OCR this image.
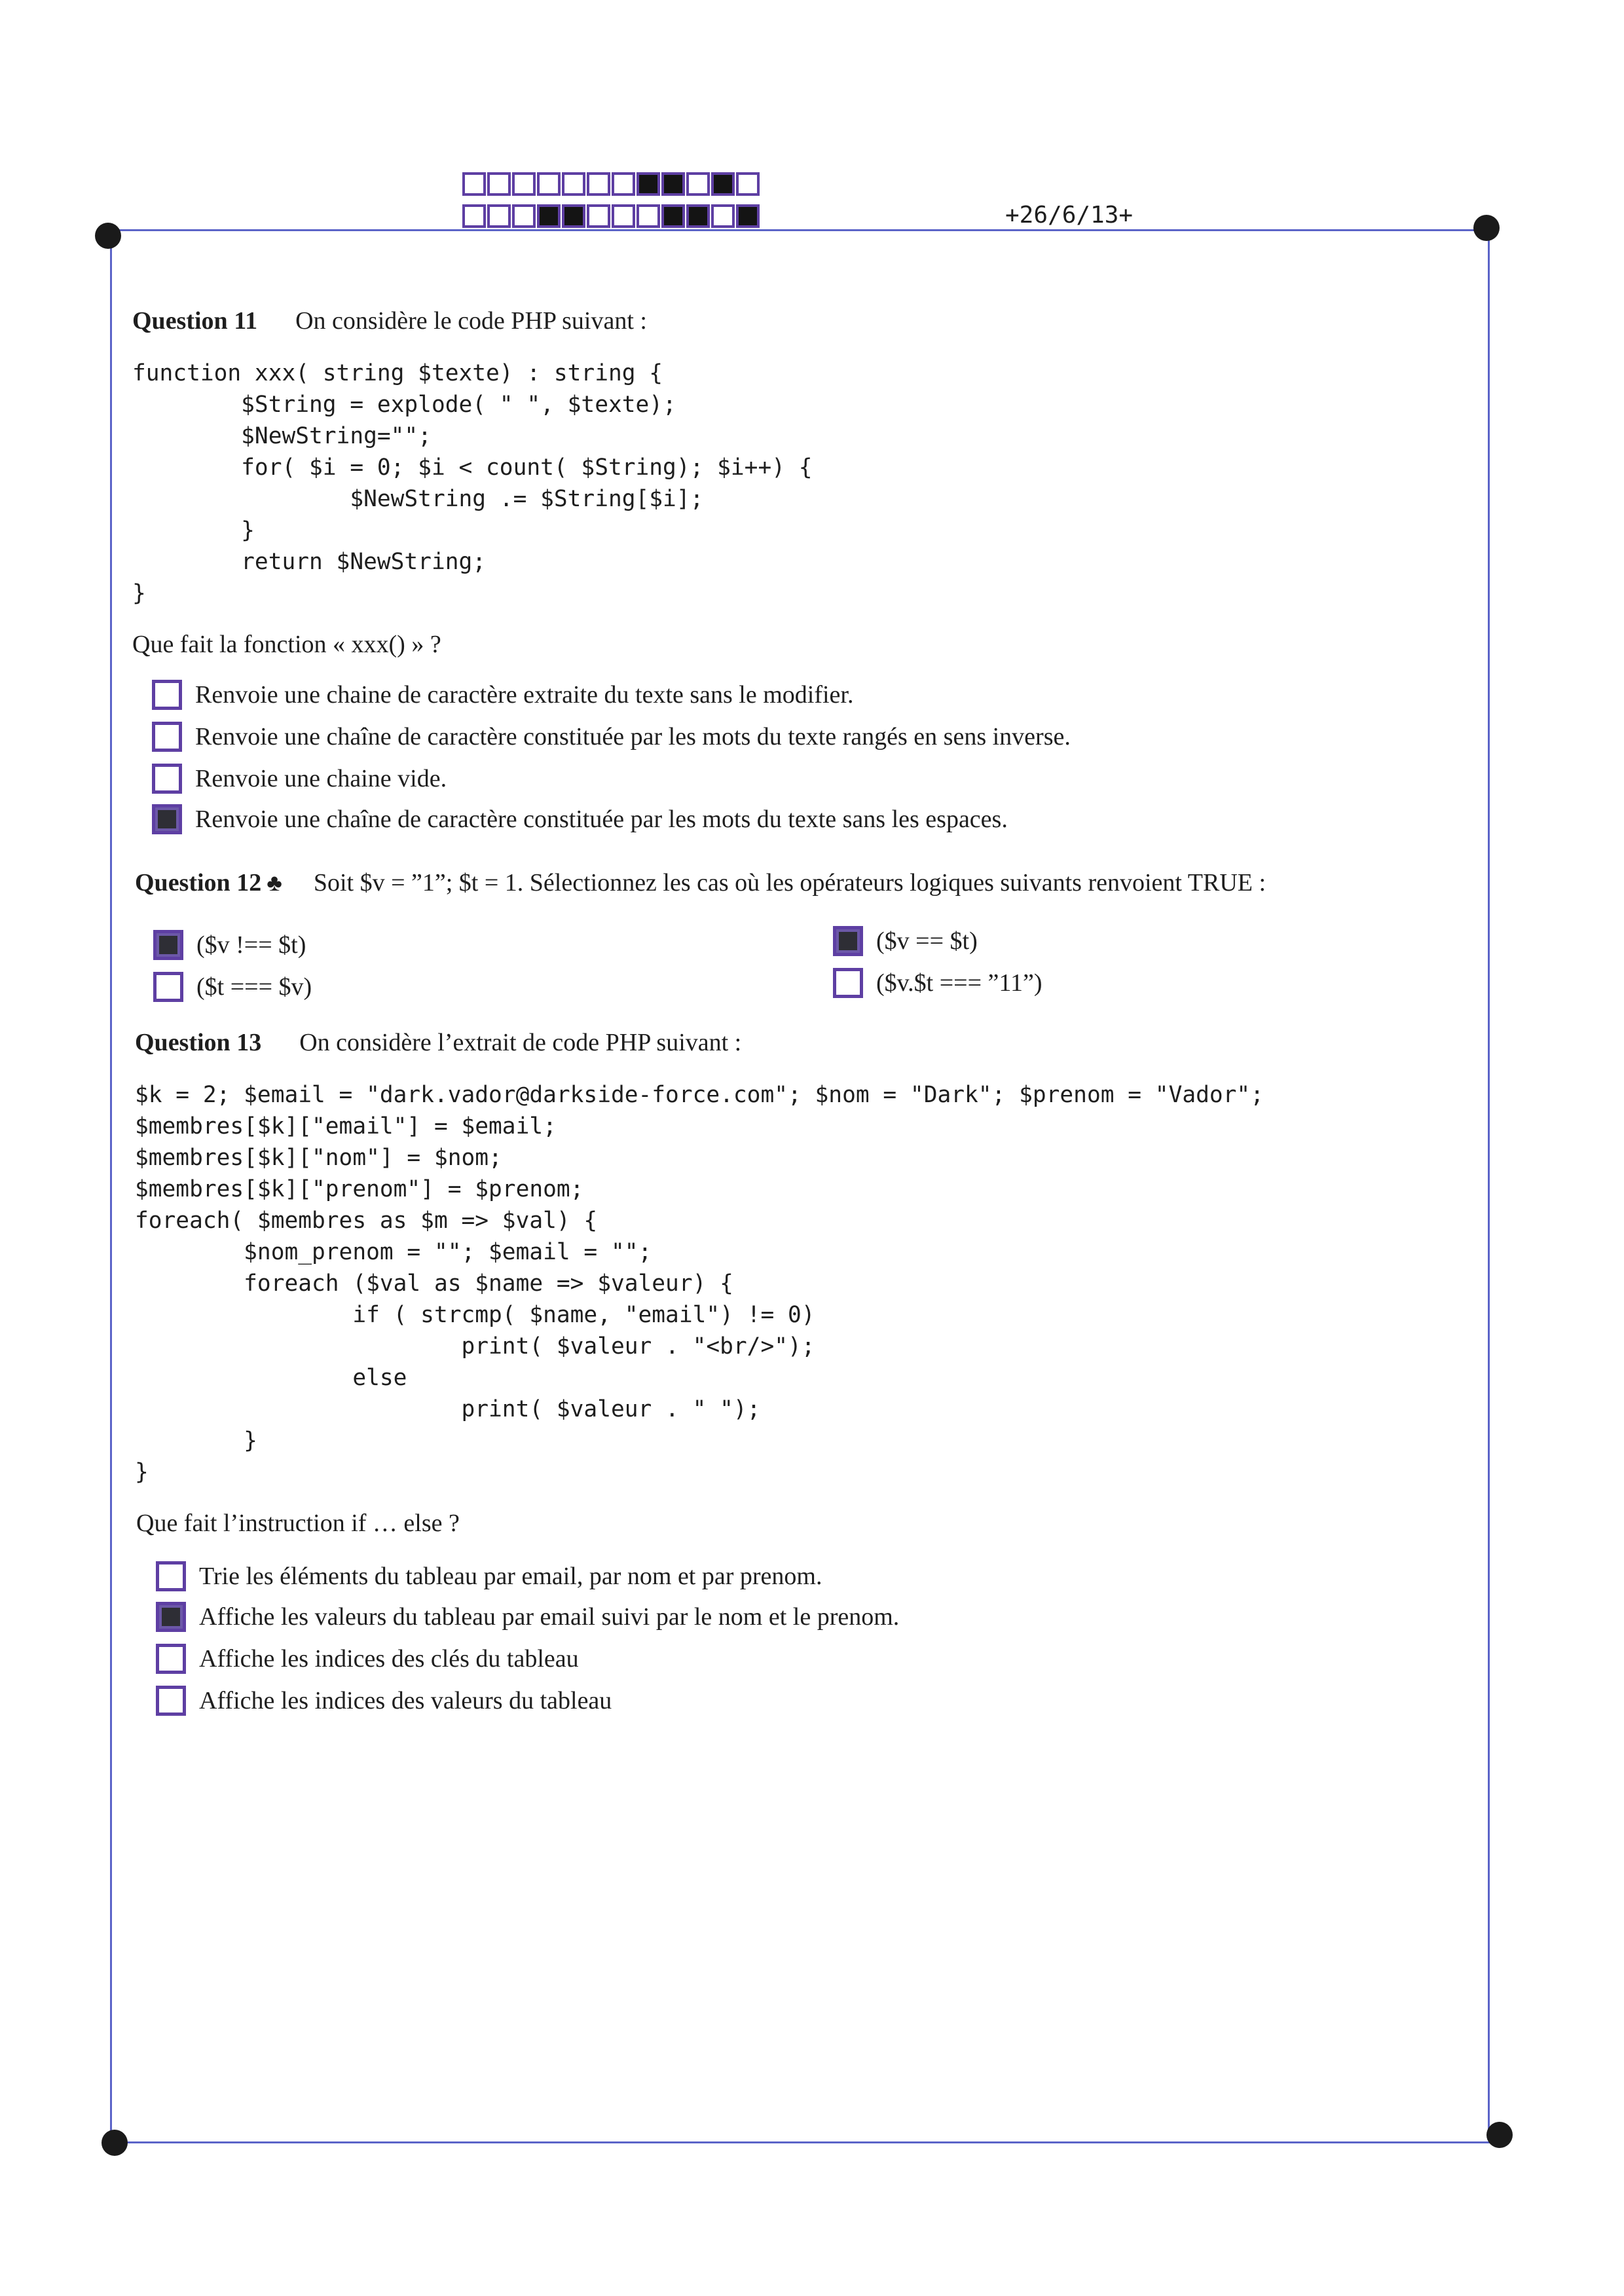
+26/6/13+
Question 11 On considère le code PHP suivant :
function xxx( string $texte) : string {
$String = explode( " ", $texte);
$NewString="";
for( $i = 0; $i < count( $String); $i++) {
$NewString .= $String[$i];
}
return $NewString;
}
Que fait la fonction « xxx() » ?
Renvoie une chaine de caractère extraite du texte sans le modifier.
Renvoie une chaîne de caractère constituée par les mots du texte rangés en sens inverse.
Renvoie une chaine vide.
Renvoie une chaîne de caractère constituée par les mots du texte sans les espaces.
Question 12 ♣ Soit $v = ”1”; $t = 1. Sélectionnez les cas où les opérateurs logiques suivants renvoient TRUE :
($v !== $t)
($t === $v)
($v == $t)
($v.$t === ”11”)
Question 13 On considère l’extrait de code PHP suivant :
$k = 2; $email = "dark.vador@darkside-force.com"; $nom = "Dark"; $prenom = "Vador";
$membres[$k]["email"] = $email;
$membres[$k]["nom"] = $nom;
$membres[$k]["prenom"] = $prenom;
foreach( $membres as $m => $val) {
$nom_prenom = ""; $email = "";
foreach ($val as $name => $valeur) {
if ( strcmp( $name, "email") != 0)
print( $valeur . "<br/>");
else
print( $valeur . " ");
}
}
Que fait l’instruction if … else ?
Trie les éléments du tableau par email, par nom et par prenom.
Affiche les valeurs du tableau par email suivi par le nom et le prenom.
Affiche les indices des clés du tableau
Affiche les indices des valeurs du tableau
